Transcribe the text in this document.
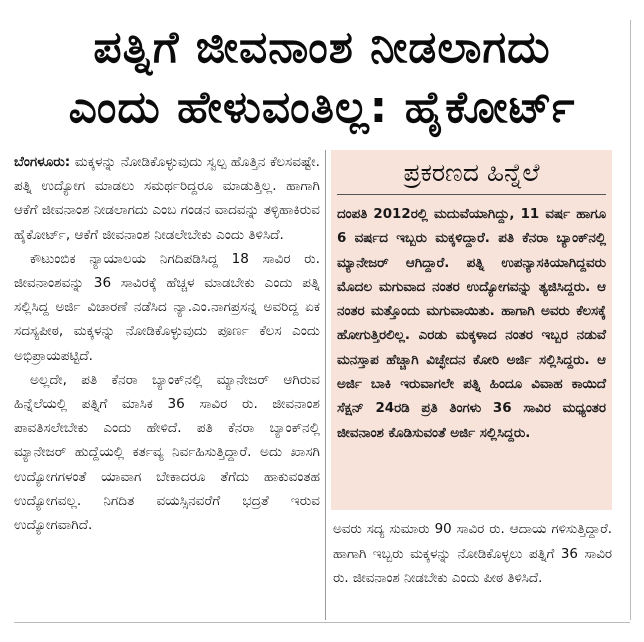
ಪತ್ನಿಗೆ ಜೀವನಾಂಶ ನೀಡಲಾಗದು
ಎಂದು ಹೇಳುವಂತಿಲ್ಲ: ಹೈಕೋರ್ಟ್

ಬೆಂಗಳೂರು: ಮಕ್ಕಳನ್ನು ನೋಡಿಕೊಳ್ಳುವುದು ಸ್ವಲ್ಪ ಹೊತ್ತಿನ ಕೆಲಸವಷ್ಟೇ. ಪತ್ನಿ ಉದ್ಯೋಗ ಮಾಡಲು ಸಮರ್ಥರಿದ್ದರೂ ಮಾಡುತ್ತಿಲ್ಲ. ಹಾಗಾಗಿ ಆಕೆಗೆ ಜೀವನಾಂಶ ನೀಡಲಾಗದು ಎಂಬ ಗಂಡನ ವಾದವನ್ನು ತಳ್ಳಿಹಾಕಿರುವ ಹೈಕೋರ್ಟ್, ಆಕೆಗೆ ಜೀವನಾಂಶ ನೀಡಲೇಬೇಕು ಎಂದು ತಿಳಿಸಿದೆ.

ಕೌಟುಂಬಿಕ ನ್ಯಾಯಾಲಯ ನಿಗದಿಪಡಿಸಿದ್ದ 18 ಸಾವಿರ ರು. ಜೀವನಾಂಶವನ್ನು 36 ಸಾವಿರಕ್ಕೆ ಹೆಚ್ಚಳ ಮಾಡಬೇಕು ಎಂದು ಪತ್ನಿ ಸಲ್ಲಿಸಿದ್ದ ಅರ್ಜಿ ವಿಚಾರಣೆ ನಡೆಸಿದ ನ್ಯಾ.ಎಂ.ನಾಗಪ್ರಸನ್ನ ಅವರಿದ್ದ ಏಕ ಸದಸ್ಯಪೀಠ, ಮಕ್ಕಳನ್ನು ನೋಡಿಕೊಳ್ಳುವುದು ಪೂರ್ಣ ಕೆಲಸ ಎಂದು ಅಭಿಪ್ರಾಯಪಟ್ಟಿದೆ.

ಅಲ್ಲದೇ, ಪತಿ ಕೆನರಾ ಬ್ಯಾಂಕ್‌ನಲ್ಲಿ ಮ್ಯಾನೇಜರ್ ಆಗಿರುವ ಹಿನ್ನೆಲೆಯಲ್ಲಿ ಪತ್ನಿಗೆ ಮಾಸಿಕ 36 ಸಾವಿರ ರು. ಜೀವನಾಂಶ ಪಾವತಿಸಲೇಬೇಕು ಎಂದು ಹೇಳಿದೆ. ಪತಿ ಕೆನರಾ ಬ್ಯಾಂಕ್‌ನಲ್ಲಿ ಮ್ಯಾನೇಜರ್ ಹುದ್ದೆಯಲ್ಲಿ ಕರ್ತವ್ಯ ನಿರ್ವಹಿಸುತ್ತಿದ್ದಾರೆ. ಅದು ಖಾಸಗಿ ಉದ್ಯೋಗಗಳಂತೆ ಯಾವಾಗ ಬೇಕಾದರೂ ತೆಗೆದು ಹಾಕುವಂತಹ ಉದ್ಯೋಗವಲ್ಲ. ನಿಗದಿತ ವಯಸ್ಸಿನವರೆಗೆ ಭದ್ರತೆ ಇರುವ ಉದ್ಯೋಗವಾಗಿದೆ.

ಪ್ರಕರಣದ ಹಿನ್ನೆಲೆ
ದಂಪತಿ 2012ರಲ್ಲಿ ಮದುವೆಯಾಗಿದ್ದು, 11 ವರ್ಷ ಹಾಗೂ 6 ವರ್ಷದ ಇಬ್ಬರು ಮಕ್ಕಳಿದ್ದಾರೆ. ಪತಿ ಕೆನರಾ ಬ್ಯಾಂಕ್‌ನಲ್ಲಿ ಮ್ಯಾನೇಜರ್ ಆಗಿದ್ದಾರೆ. ಪತ್ನಿ ಉಪನ್ಯಾಸಕಿಯಾಗಿದ್ದವರು ಮೊದಲ ಮಗುವಾದ ನಂತರ ಉದ್ಯೋಗವನ್ನು ತ್ಯಜಿಸಿದ್ದರು. ಆ ನಂತರ ಮತ್ತೊಂದು ಮಗುವಾಯಿತು. ಹಾಗಾಗಿ ಅವರು ಕೆಲಸಕ್ಕೆ ಹೋಗುತ್ತಿರಲಿಲ್ಲ. ಎರಡು ಮಕ್ಕಳಾದ ನಂತರ ಇಬ್ಬರ ನಡುವೆ ಮನಸ್ತಾಪ ಹೆಚ್ಚಾಗಿ ವಿಚ್ಛೇದನ ಕೋರಿ ಅರ್ಜಿ ಸಲ್ಲಿಸಿದ್ದರು. ಆ ಅರ್ಜಿ ಬಾಕಿ ಇರುವಾಗಲೇ ಪತ್ನಿ ಹಿಂದೂ ವಿವಾಹ ಕಾಯಿದೆ ಸೆಕ್ಷನ್ 24ರಡಿ ಪ್ರತಿ ತಿಂಗಳು 36 ಸಾವಿರ ಮಧ್ಯಂತರ ಜೀವನಾಂಶ ಕೊಡಿಸುವಂತೆ ಅರ್ಜಿ ಸಲ್ಲಿಸಿದ್ದರು.
ಅವರು ಸದ್ಯ ಸುಮಾರು 90 ಸಾವಿರ ರು. ಆದಾಯ ಗಳಿಸುತ್ತಿದ್ದಾರೆ. ಹಾಗಾಗಿ ಇಬ್ಬರು ಮಕ್ಕಳನ್ನು ನೋಡಿಕೊಳ್ಳಲು ಪತ್ನಿಗೆ 36 ಸಾವಿರ ರು. ಜೀವನಾಂಶ ನೀಡಬೇಕು ಎಂದು ಪೀಠ ತಿಳಿಸಿದೆ.
